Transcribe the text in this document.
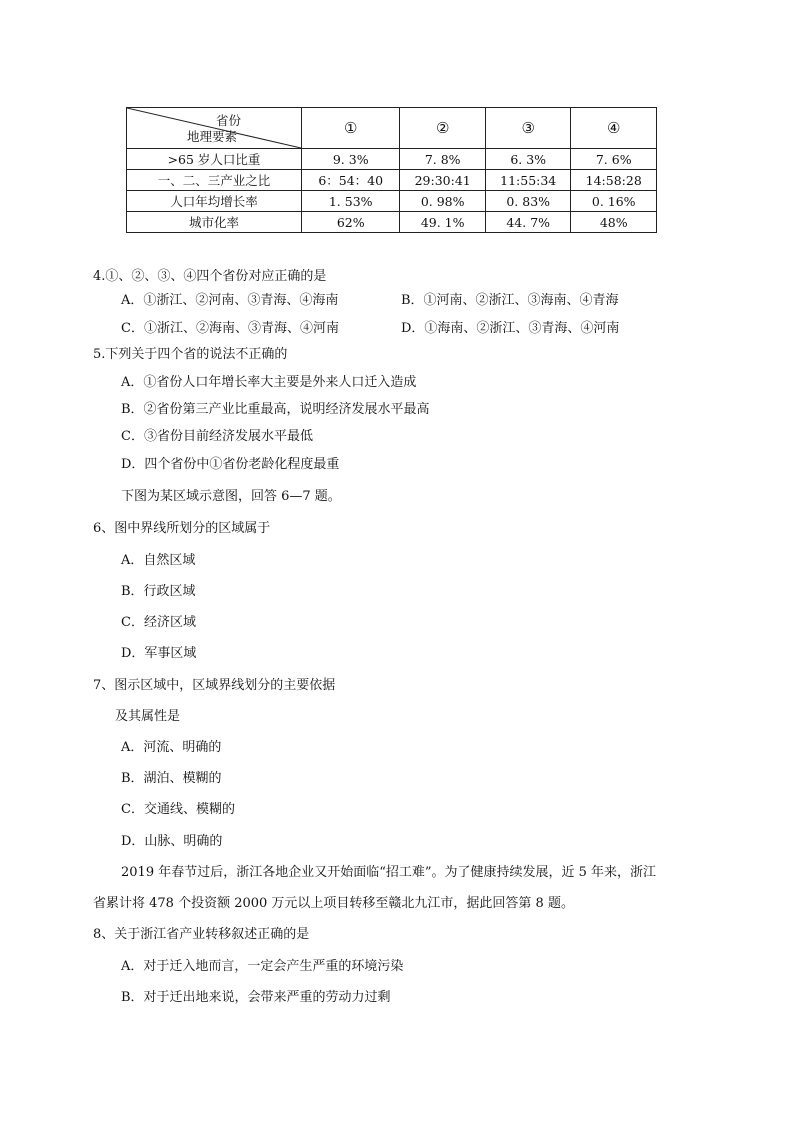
省份
地理要素	①	②	③	④
>65 岁人口比重	9. 3%	7. 8%	6. 3%	7. 6%
一、二、三产业之比	6：54：40	29:30:41	11:55:34	14:58:28
人口年均增长率	1. 53%	0. 98%	0. 83%	0. 16%
城市化率	62%	49. 1%	44. 7%	48%
4.①、②、③、④四个省份对应正确的是
A．①浙江、②河南、③青海、④海南	B．①河南、②浙江、③海南、④青海
C．①浙江、②海南、③青海、④河南	D．①海南、②浙江、③青海、④河南
5.下列关于四个省的说法不正确的
A．①省份人口年增长率大主要是外来人口迁入造成
B．②省份第三产业比重最高，说明经济发展水平最高
C．③省份目前经济发展水平最低
D．四个省份中①省份老龄化程度最重
下图为某区域示意图，回答 6—7 题。
6、图中界线所划分的区域属于
A．自然区域
B．行政区域
C．经济区域
D．军事区域
7、图示区域中，区域界线划分的主要依据
及其属性是
A．河流、明确的
B．湖泊、模糊的
C．交通线、模糊的
D．山脉、明确的
2019 年春节过后，浙江各地企业又开始面临“招工难”。为了健康持续发展，近 5 年来，浙江
省累计将 478 个投资额 2000 万元以上项目转移至赣北九江市，据此回答第 8 题。
8、关于浙江省产业转移叙述正确的是
A．对于迁入地而言，一定会产生严重的环境污染
B．对于迁出地来说，会带来严重的劳动力过剩
